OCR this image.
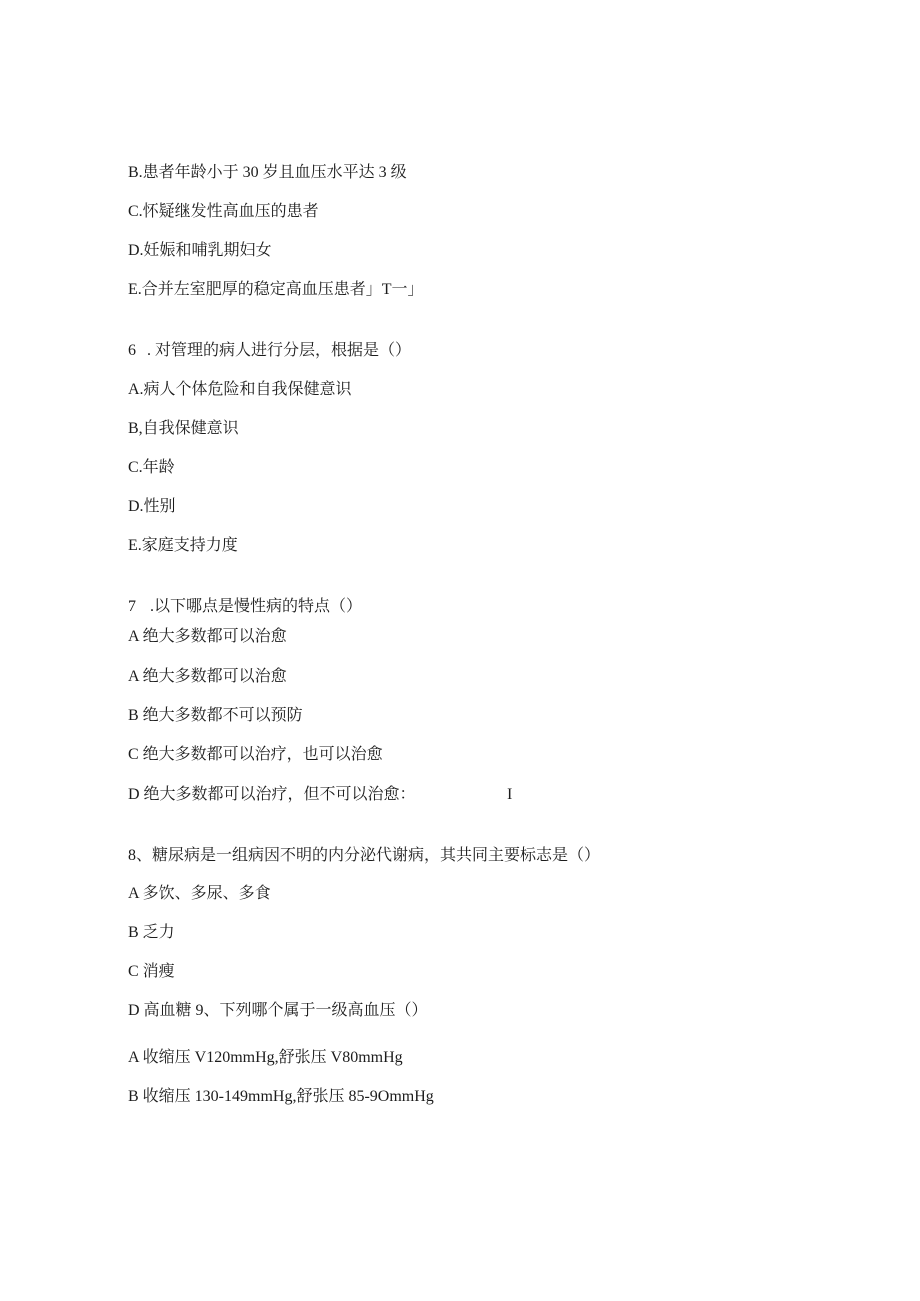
B.患者年龄小于 30 岁且血压水平达 3 级
C.怀疑继发性高血压的患者
D.妊娠和哺乳期妇女
E.合并左室肥厚的稳定高血压患者」T一」
6 . 对管理的病人进行分层，根据是（）
A.病人个体危险和自我保健意识
B,自我保健意识
C.年龄
D.性别
E.家庭支持力度
7 .以下哪点是慢性病的特点（）
A 绝大多数都可以治愈
A 绝大多数都可以治愈
B 绝大多数都不可以预防
C 绝大多数都可以治疗，也可以治愈
D 绝大多数都可以治疗，但不可以治愈：	I
8、糖尿病是一组病因不明的内分泌代谢病，其共同主要标志是（）
A 多饮、多尿、多食
B 乏力
C 消瘦
D 高血糖 9、下列哪个属于一级高血压（）
A 收缩压 V120mmHg,舒张压 V80mmHg
B 收缩压 130-149mmHg,舒张压 85-9OmmHg
